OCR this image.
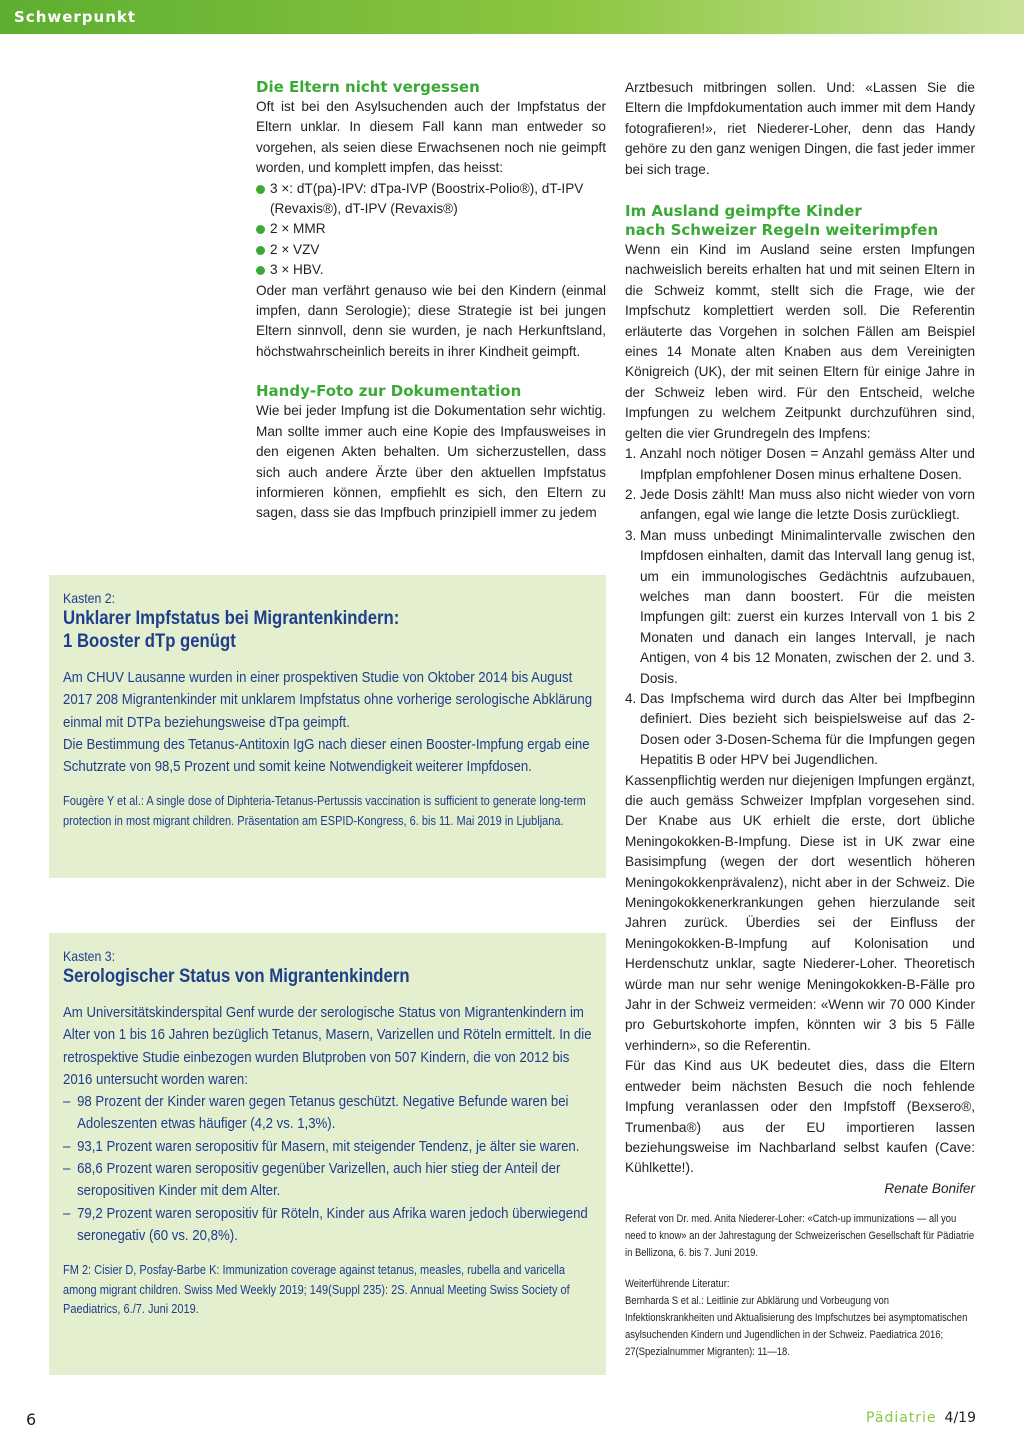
Schwerpunkt
Die Eltern nicht vergessen

Oft ist bei den Asylsuchenden auch der Impfstatus der Eltern unklar. In diesem Fall kann man entweder so vorgehen, als seien diese Erwachsenen noch nie geimpft worden, und komplett impfen, das heisst:

3 ×: dT(pa)-IPV: dTpa-IVP (Boostrix-Polio®), dT-IPV (Revaxis®), dT-IPV (Revaxis®)
2 × MMR
2 × VZV
3 × HBV.

Oder man verfährt genauso wie bei den Kindern (einmal impfen, dann Serologie); diese Strategie ist bei jungen Eltern sinnvoll, denn sie wurden, je nach Herkunftsland, höchstwahrscheinlich bereits in ihrer Kindheit geimpft.

Handy-Foto zur Dokumentation

Wie bei jeder Impfung ist die Dokumentation sehr wichtig. Man sollte immer auch eine Kopie des Impfausweises in den eigenen Akten behalten. Um sicherzustellen, dass sich auch andere Ärzte über den aktuellen Impfstatus informieren können, empfiehlt es sich, den Eltern zu sagen, dass sie das Impfbuch prinzipiell immer zu jedem

Arztbesuch mitbringen sollen. Und: «Lassen Sie die Eltern die Impfdokumentation auch immer mit dem Handy fotografieren!», riet Niederer-Loher, denn das Handy gehöre zu den ganz wenigen Dingen, die fast jeder immer bei sich trage.

Im Ausland geimpfte Kinder
nach Schweizer Regeln weiterimpfen

Wenn ein Kind im Ausland seine ersten Impfungen nachweislich bereits erhalten hat und mit seinen Eltern in die Schweiz kommt, stellt sich die Frage, wie der Impfschutz komplettiert werden soll. Die Referentin erläuterte das Vorgehen in solchen Fällen am Beispiel eines 14 Monate alten Knaben aus dem Vereinigten Königreich (UK), der mit seinen Eltern für einige Jahre in der Schweiz leben wird. Für den Entscheid, welche Impfungen zu welchem Zeitpunkt durchzuführen sind, gelten die vier Grundregeln des Impfens:

1. Anzahl noch nötiger Dosen = Anzahl gemäss Alter und Impfplan empfohlener Dosen minus erhaltene Dosen.
2. Jede Dosis zählt! Man muss also nicht wieder von vorn anfangen, egal wie lange die letzte Dosis zurückliegt.
3. Man muss unbedingt Minimalintervalle zwischen den Impfdosen einhalten, damit das Intervall lang genug ist, um ein immunologisches Gedächtnis aufzubauen, welches man dann boostert. Für die meisten Impfungen gilt: zuerst ein kurzes Intervall von 1 bis 2 Monaten und danach ein langes Intervall, je nach Antigen, von 4 bis 12 Monaten, zwischen der 2. und 3. Dosis.
4. Das Impfschema wird durch das Alter bei Impfbeginn definiert. Dies bezieht sich beispielsweise auf das 2- Dosen oder 3-Dosen-Schema für die Impfungen gegen Hepatitis B oder HPV bei Jugendlichen.

Kassenpflichtig werden nur diejenigen Impfungen ergänzt, die auch gemäss Schweizer Impfplan vorgesehen sind. Der Knabe aus UK erhielt die erste, dort übliche Meningokokken-B-Impfung. Diese ist in UK zwar eine Basisimpfung (wegen der dort wesentlich höheren Meningokokkenprävalenz), nicht aber in der Schweiz. Die Meningokokkenerkrankungen gehen hierzulande seit Jahren zurück. Überdies sei der Einfluss der Meningokokken-B-Impfung auf Kolonisation und Herdenschutz unklar, sagte Niederer-Loher. Theoretisch würde man nur sehr wenige Meningokokken-B-Fälle pro Jahr in der Schweiz vermeiden: «Wenn wir 70 000 Kinder pro Geburtskohorte impfen, könnten wir 3 bis 5 Fälle verhindern», so die Referentin.

Für das Kind aus UK bedeutet dies, dass die Eltern entweder beim nächsten Besuch die noch fehlende Impfung veranlassen oder den Impfstoff (Bexsero®, Trumenba®) aus der EU importieren lassen beziehungsweise im Nachbarland selbst kaufen (Cave: Kühlkette!).

Renate Bonifer

Referat von Dr. med. Anita Niederer-Loher: «Catch-up immunizations — all you need to know» an der Jahrestagung der Schweizerischen Gesellschaft für Pädiatrie in Bellizona, 6. bis 7. Juni 2019.

Weiterführende Literatur:

Bernharda S et al.: Leitlinie zur Abklärung und Vorbeugung von Infektionskrankheiten und Aktualisierung des Impfschutzes bei asymptomatischen asylsuchenden Kindern und Jugendlichen in der Schweiz. Paediatrica 2016; 27(Spezialnummer Migranten): 11—18.

Kasten 2:
Unklarer Impfstatus bei Migrantenkindern:
1 Booster dTp genügt

Am CHUV Lausanne wurden in einer prospektiven Studie von Oktober 2014 bis August 2017 208 Migrantenkinder mit unklarem Impfstatus ohne vorherige serologische Abklärung einmal mit DTPa beziehungsweise dTpa geimpft.

Die Bestimmung des Tetanus-Antitoxin IgG nach dieser einen Booster-Impfung ergab eine Schutzrate von 98,5 Prozent und somit keine Notwendigkeit weiterer Impfdosen.

Fougère Y et al.: A single dose of Diphteria-Tetanus-Pertussis vaccination is sufficient to generate long-term protection in most migrant children. Präsentation am ESPID-Kongress, 6. bis 11. Mai 2019 in Ljubljana.

Kasten 3:
Serologischer Status von Migrantenkindern

Am Universitätskinderspital Genf wurde der serologische Status von Migrantenkindern im Alter von 1 bis 16 Jahren bezüglich Tetanus, Masern, Varizellen und Röteln ermittelt. In die retrospektive Studie einbezogen wurden Blutproben von 507 Kindern, die von 2012 bis 2016 untersucht worden waren:

– 98 Prozent der Kinder waren gegen Tetanus geschützt. Negative Befunde waren bei Adoleszenten etwas häufiger (4,2 vs. 1,3%).
– 93,1 Prozent waren seropositiv für Masern, mit steigender Tendenz, je älter sie waren.
– 68,6 Prozent waren seropositiv gegenüber Varizellen, auch hier stieg der Anteil der seropositiven Kinder mit dem Alter.
– 79,2 Prozent waren seropositiv für Röteln, Kinder aus Afrika waren jedoch überwiegend seronegativ (60 vs. 20,8%).

FM 2: Cisier D, Posfay-Barbe K: Immunization coverage against tetanus, measles, rubella and varicella among migrant children. Swiss Med Weekly 2019; 149(Suppl 235): 2S. Annual Meeting Swiss Society of Paediatrics, 6./7. Juni 2019.

6	Pädiatrie 4/19
